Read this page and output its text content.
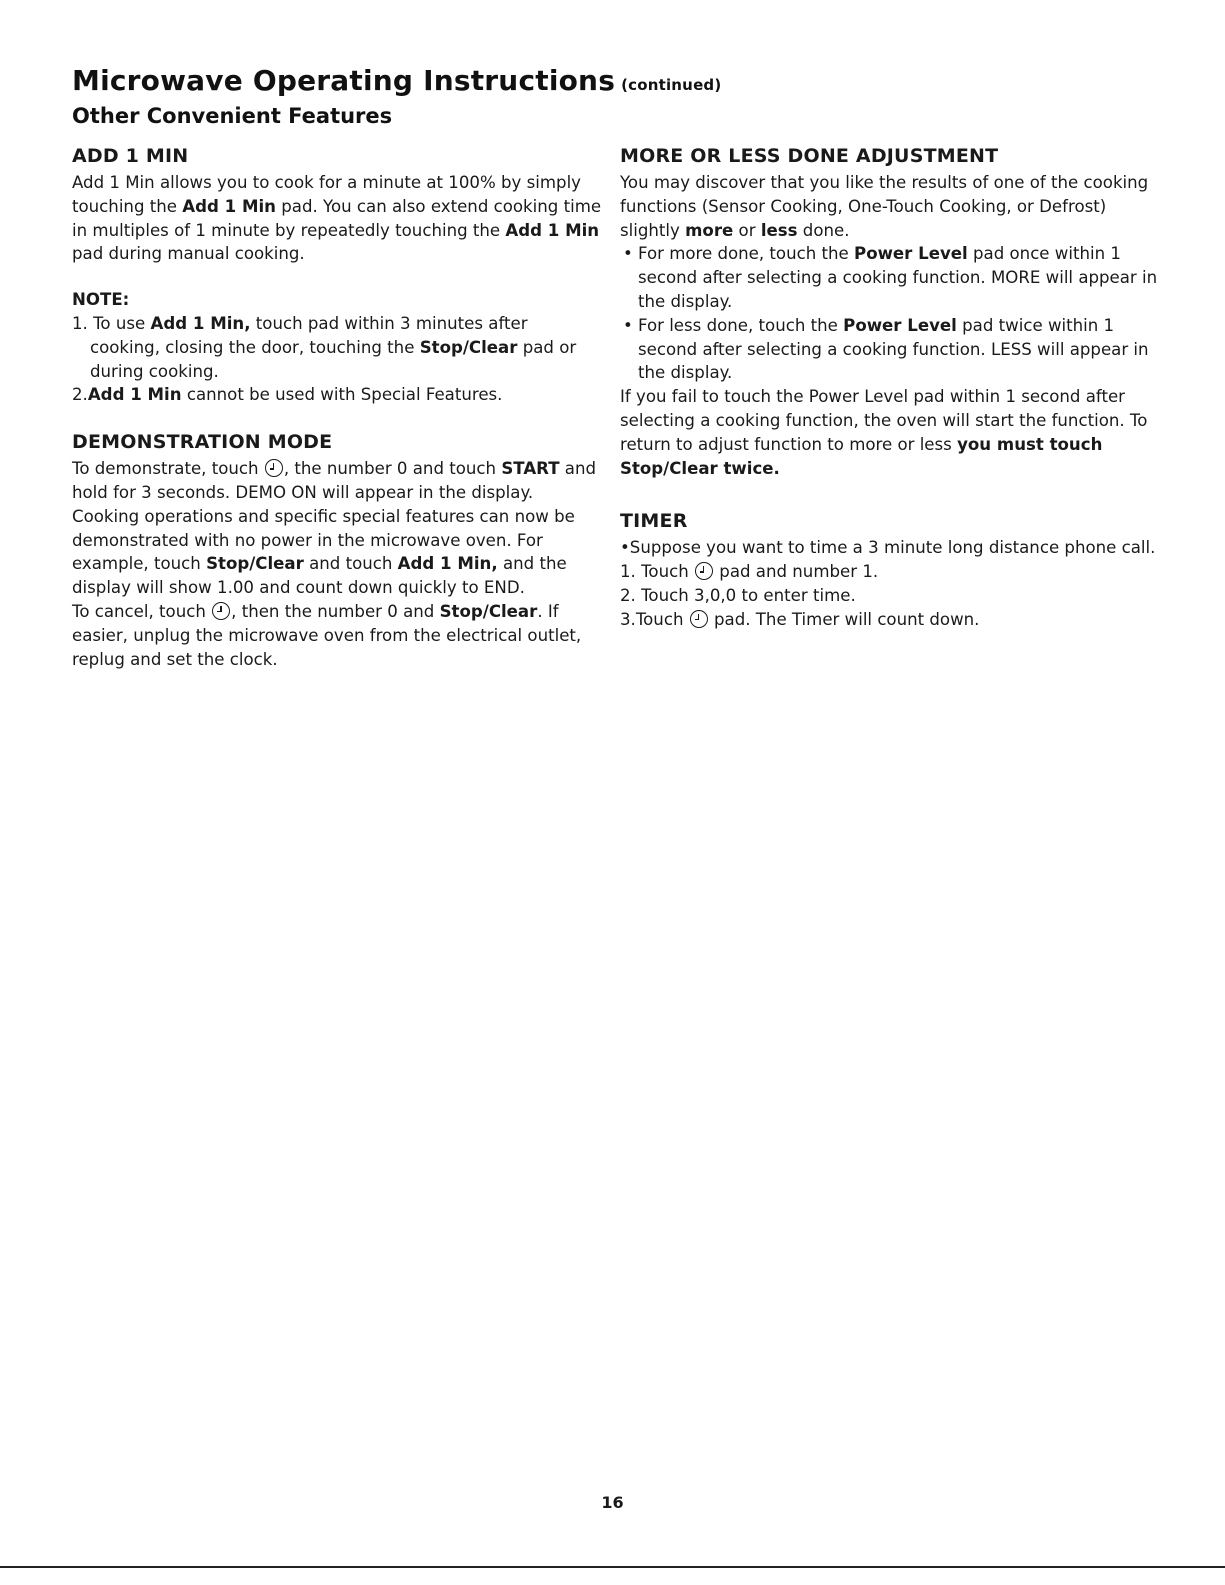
Microwave Operating Instructions (continued)
Other Convenient Features
ADD 1 MIN

Add 1 Min allows you to cook for a minute at 100% by simply touching the Add 1 Min pad. You can also extend cooking time in multiples of 1 minute by repeatedly touching the Add 1 Min pad during manual cooking.

NOTE:

1. To use Add 1 Min, touch pad within 3 minutes after cooking, closing the door, touching the Stop/Clear pad or during cooking.

2.Add 1 Min cannot be used with Special Features.

DEMONSTRATION MODE

To demonstrate, touch , the number 0 and touch START and hold for 3 seconds. DEMO ON will appear in the display. Cooking operations and specific special features can now be demonstrated with no power in the microwave oven. For example, touch Stop/Clear and touch Add 1 Min, and the display will show 1.00 and count down quickly to END.

To cancel, touch , then the number 0 and Stop/Clear. If easier, unplug the microwave oven from the electrical outlet, replug and set the clock.

MORE OR LESS DONE ADJUSTMENT

You may discover that you like the results of one of the cooking functions (Sensor Cooking, One-Touch Cooking, or Defrost) slightly more or less done.

• For more done, touch the Power Level pad once within 1 second after selecting a cooking function. MORE will appear in the display.

• For less done, touch the Power Level pad twice within 1 second after selecting a cooking function. LESS will appear in the display.

If you fail to touch the Power Level pad within 1 second after selecting a cooking function, the oven will start the function. To return to adjust function to more or less you must touch Stop/Clear twice.

TIMER

•Suppose you want to time a 3 minute long distance phone call.

1. Touch  pad and number 1.

2. Touch 3,0,0 to enter time.

3.Touch  pad. The Timer will count down.

16
